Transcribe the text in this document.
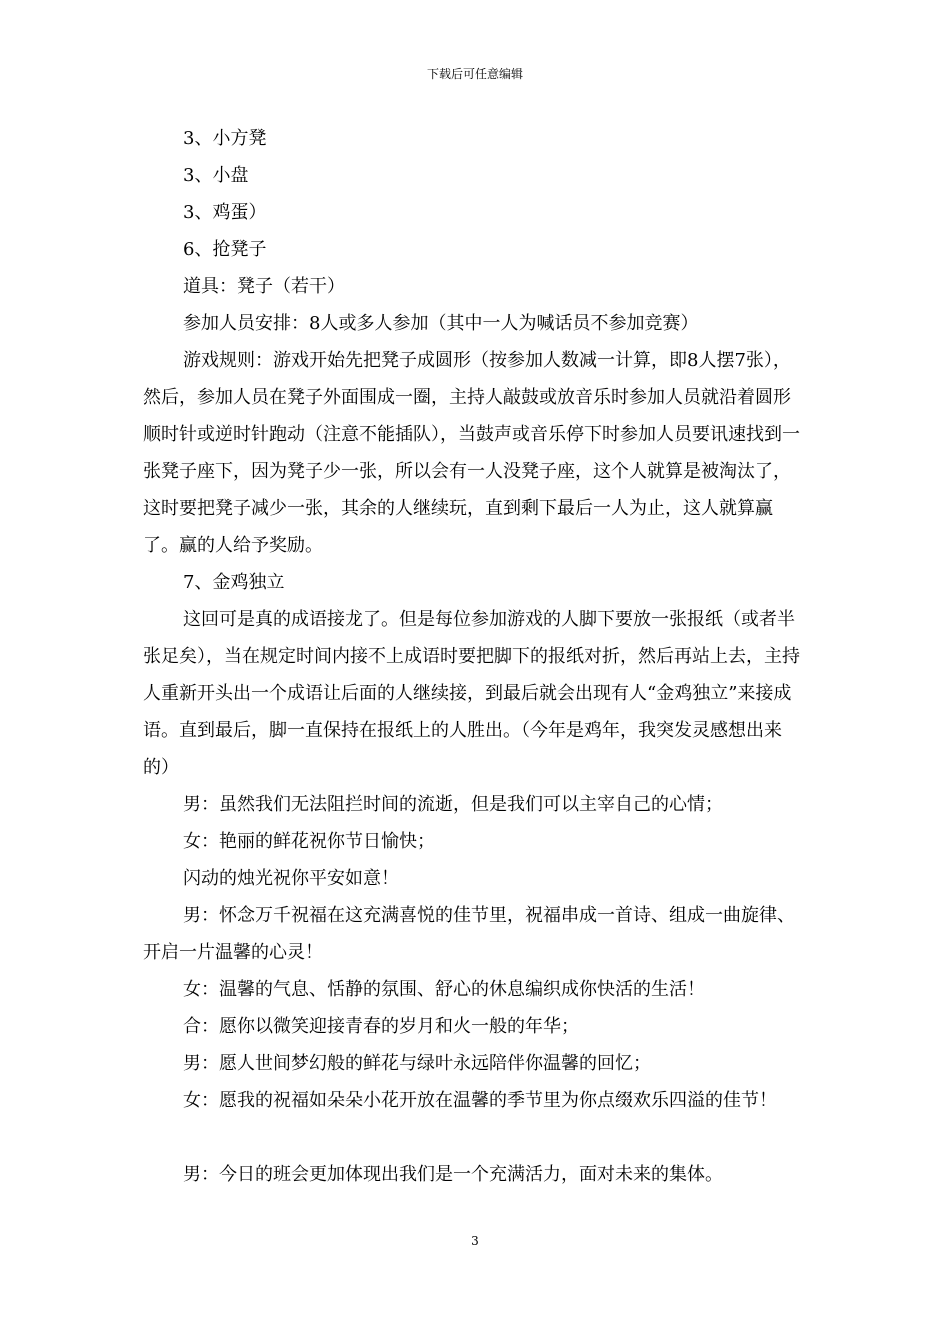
下载后可任意编辑

3、小方凳

3、小盘

3、鸡蛋）

6、抢凳子

道具：凳子（若干）

参加人员安排：8人或多人参加（其中一人为喊话员不参加竞赛）

游戏规则：游戏开始先把凳子成圆形（按参加人数减一计算，即8人摆7张），然后，参加人员在凳子外面围成一圈，主持人敲鼓或放音乐时参加人员就沿着圆形顺时针或逆时针跑动（注意不能插队），当鼓声或音乐停下时参加人员要讯速找到一张凳子座下，因为凳子少一张，所以会有一人没凳子座，这个人就算是被淘汰了，这时要把凳子减少一张，其余的人继续玩，直到剩下最后一人为止，这人就算赢了。赢的人给予奖励。

7、金鸡独立

这回可是真的成语接龙了。但是每位参加游戏的人脚下要放一张报纸（或者半张足矣），当在规定时间内接不上成语时要把脚下的报纸对折，然后再站上去，主持人重新开头出一个成语让后面的人继续接，到最后就会出现有人“金鸡独立”来接成语。直到最后，脚一直保持在报纸上的人胜出。（今年是鸡年，我突发灵感想出来的）

男：虽然我们无法阻拦时间的流逝，但是我们可以主宰自己的心情；

女：艳丽的鲜花祝你节日愉快；

闪动的烛光祝你平安如意！

男：怀念万千祝福在这充满喜悦的佳节里，祝福串成一首诗、组成一曲旋律、开启一片温馨的心灵！

女：温馨的气息、恬静的氛围、舒心的休息编织成你快活的生活！

合：愿你以微笑迎接青春的岁月和火一般的年华；

男：愿人世间梦幻般的鲜花与绿叶永远陪伴你温馨的回忆；

女：愿我的祝福如朵朵小花开放在温馨的季节里为你点缀欢乐四溢的佳节！

男：今日的班会更加体现出我们是一个充满活力，面对未来的集体。

3
